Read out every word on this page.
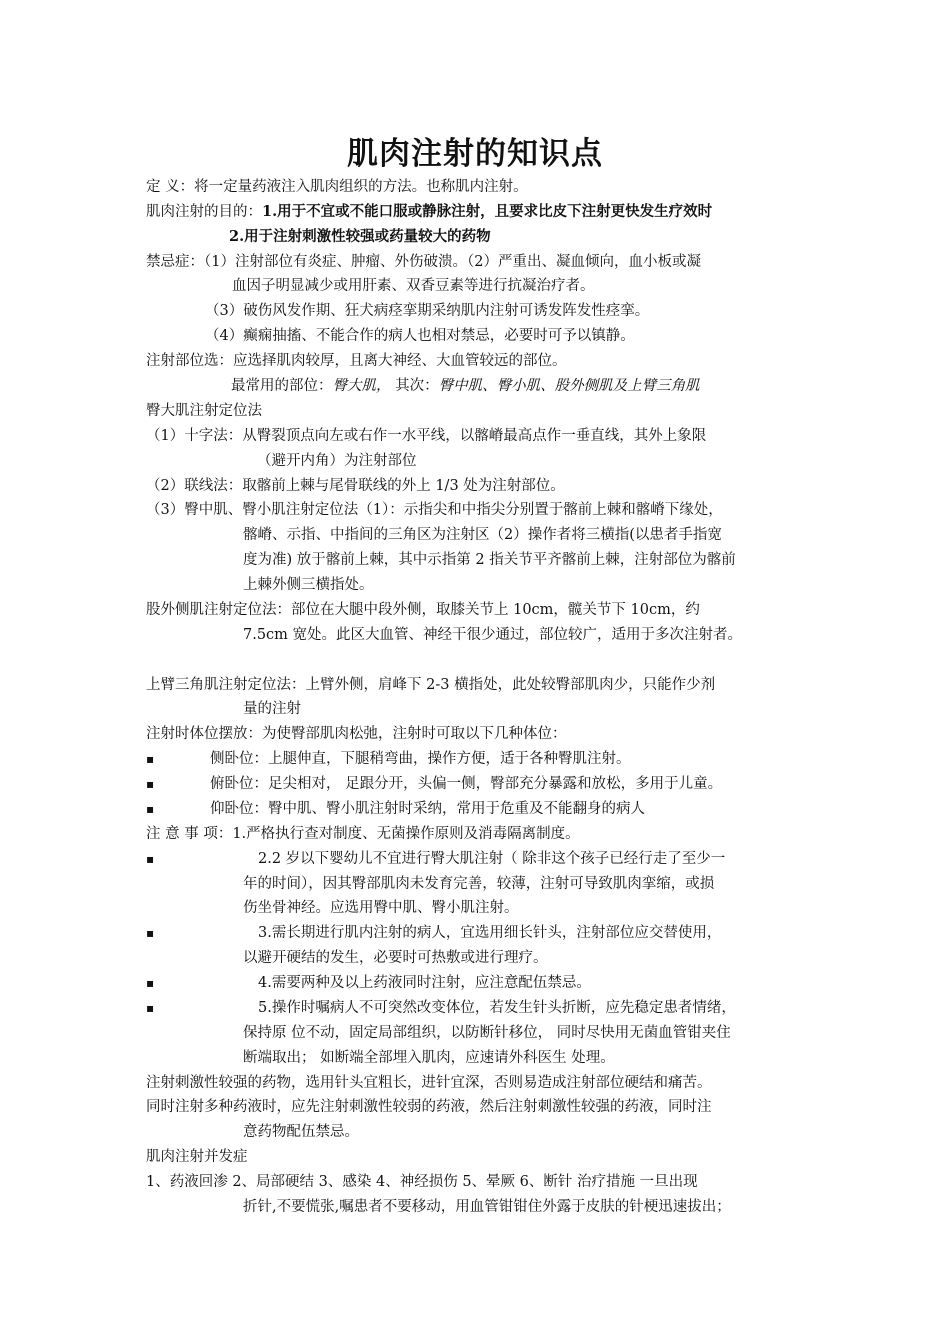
肌肉注射的知识点
定 义：将一定量药液注入肌肉组织的方法。也称肌内注射。
肌肉注射的目的：1.用于不宜或不能口服或静脉注射，且要求比皮下注射更快发生疗效时
2.用于注射刺激性较强或药量较大的药物
禁忌症：（1）注射部位有炎症、肿瘤、外伤破溃。（2）严重出、凝血倾向，血小板或凝
血因子明显减少或用肝素、双香豆素等进行抗凝治疗者。
（3）破伤风发作期、狂犬病痉挛期采纳肌内注射可诱发阵发性痉挛。
（4）癫痫抽搐、不能合作的病人也相对禁忌，必要时可予以镇静。
注射部位选：应选择肌肉较厚，且离大神经、大血管较远的部位。
最常用的部位：臀大肌， 其次：臀中肌、臀小肌、股外侧肌及上臂三角肌
臀大肌注射定位法
（1）十字法：从臀裂顶点向左或右作一水平线，以髂嵴最高点作一垂直线，其外上象限
（避开内角）为注射部位
（2）联线法：取髂前上棘与尾骨联线的外上 1/3 处为注射部位。
（3）臀中肌、臀小肌注射定位法（1）：示指尖和中指尖分别置于髂前上棘和髂嵴下缘处，
髂嵴、示指、中指间的三角区为注射区（2）操作者将三横指(以患者手指宽
度为准) 放于髂前上棘，其中示指第 2 指关节平齐髂前上棘，注射部位为髂前
上棘外侧三横指处。
股外侧肌注射定位法：部位在大腿中段外侧，取膝关节上 10cm，髋关节下 10cm，约
7.5cm 宽处。此区大血管、神经干很少通过，部位较广，适用于多次注射者。
上臂三角肌注射定位法：上臂外侧，肩峰下 2-3 横指处，此处较臀部肌肉少，只能作少剂
量的注射
注射时体位摆放：为使臀部肌肉松弛，注射时可取以下几种体位：
▪	侧卧位：上腿伸直，下腿稍弯曲，操作方便，适于各种臀肌注射。
▪	俯卧位：足尖相对， 足跟分开，头偏一侧，臀部充分暴露和放松，多用于儿童。
▪	仰卧位：臀中肌、臀小肌注射时采纳，常用于危重及不能翻身的病人
注 意 事 项：1.严格执行查对制度、无菌操作原则及消毒隔离制度。
▪	2.2 岁以下婴幼儿不宜进行臀大肌注射（ 除非这个孩子已经行走了至少一
年的时间），因其臀部肌肉未发育完善，较薄，注射可导致肌肉挛缩，或损
伤坐骨神经。应选用臀中肌、臀小肌注射。
▪	3.需长期进行肌内注射的病人，宜选用细长针头，注射部位应交替使用，
以避开硬结的发生，必要时可热敷或进行理疗。
▪	4.需要两种及以上药液同时注射，应注意配伍禁忌。
▪	5.操作时嘱病人不可突然改变体位，若发生针头折断，应先稳定患者情绪，
保持原 位不动，固定局部组织，以防断针移位， 同时尽快用无菌血管钳夹住
断端取出； 如断端全部埋入肌肉，应速请外科医生 处理。
注射刺激性较强的药物，选用针头宜粗长，进针宜深，否则易造成注射部位硬结和痛苦。
同时注射多种药液时，应先注射刺激性较弱的药液，然后注射刺激性较强的药液，同时注
意药物配伍禁忌。
肌肉注射并发症
1、药液回渗 2、局部硬结 3、感染 4、神经损伤 5、晕厥 6、断针 治疗措施 一旦出现
折针,不要慌张,嘱患者不要移动，用血管钳钳住外露于皮肤的针梗迅速拔出；
